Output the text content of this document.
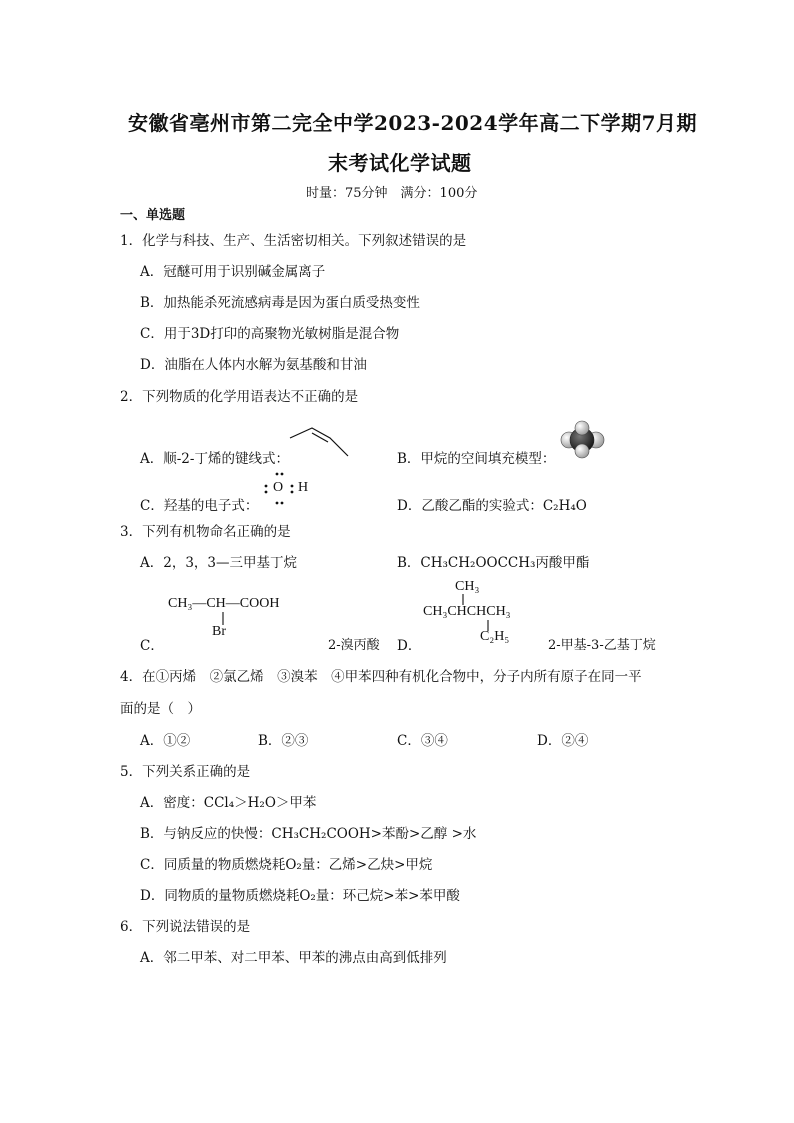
安徽省亳州市第二完全中学2023-2024学年高二下学期7月期
末考试化学试题
时量：75分钟　满分：100分
一、单选题
1．化学与科技、生产、生活密切相关。下列叙述错误的是
A．冠醚可用于识别碱金属离子
B．加热能杀死流感病毒是因为蛋白质受热变性
C．用于3D打印的高聚物光敏树脂是混合物
D．油脂在人体内水解为氨基酸和甘油
2．下列物质的化学用语表达不正确的是
A．顺-2-丁烯的键线式：	B．甲烷的空间填充模型：
C．羟基的电子式：
O H
D．乙酸乙酯的实验式：C₂H₄O
3．下列有机物命名正确的是
A．2，3，3—三甲基丁烷	B．CH₃CH₂OOCCH₃丙酸甲酯
C．
CH₃—CH—COOH
Br
2-溴丙酸 D．
CH₃
CH₃CHCHCH₃
C₂H₅
2-甲基-3-乙基丁烷
4．在①丙烯　②氯乙烯　③溴苯　④甲苯四种有机化合物中，分子内所有原子在同一平
面的是（　）
A．①②	B．②③	C．③④	D．②④
5．下列关系正确的是
A．密度：CCl₄＞H₂O＞甲苯
B．与钠反应的快慢：CH₃CH₂COOH>苯酚>乙醇 >水
C．同质量的物质燃烧耗O₂量：乙烯>乙炔>甲烷
D．同物质的量物质燃烧耗O₂量：环己烷>苯>苯甲酸
6．下列说法错误的是
A．邻二甲苯、对二甲苯、甲苯的沸点由高到低排列
